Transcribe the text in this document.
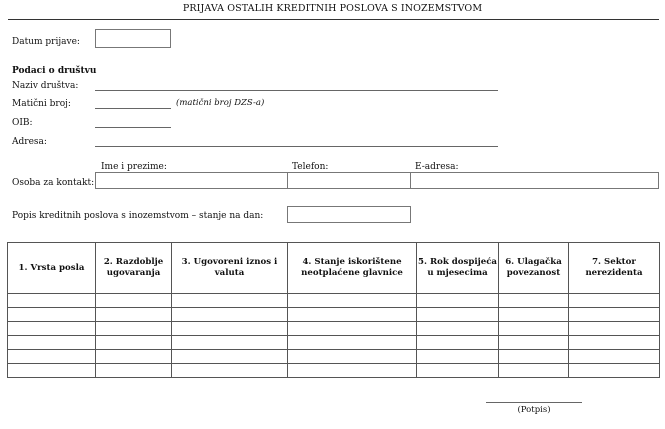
PRIJAVA OSTALIH KREDITNIH POSLOVA S INOZEMSTVOM
Datum prijave:
Podaci o društvu
Naziv društva:
Matični broj:	(matični broj DZS-a)
OIB:
Adresa:
Ime i prezime:	Telefon:	E-adresa:
Osoba za kontakt:
Popis kreditnih poslova s inozemstvom – stanje na dan:
1. Vrsta posla	2. Razdoblje ugovaranja	3. Ugovoreni iznos i valuta	4. Stanje iskorištene neotplaćene glavnice	5. Rok dospijeća u mjesecima	6. Ulagačka povezanost	7. Sektor nerezidenta

(Potpis)
